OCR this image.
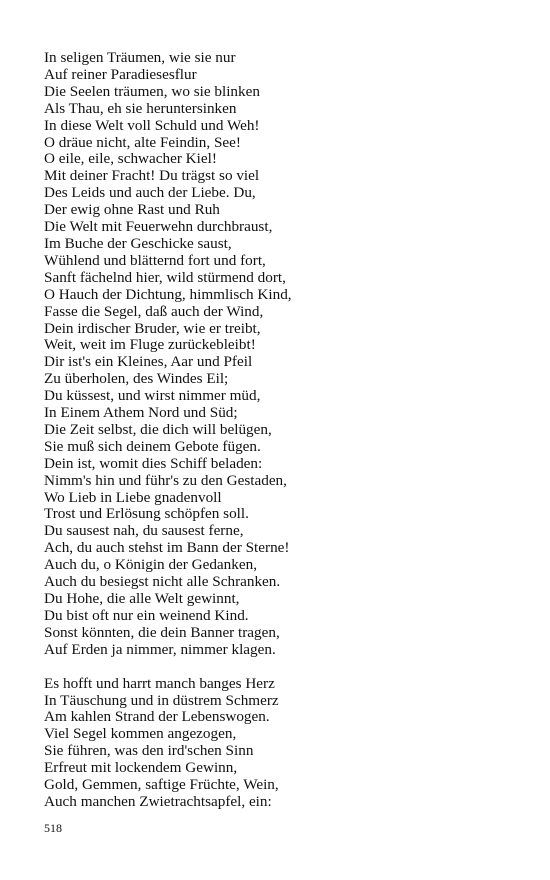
In seligen Träumen, wie sie nur
Auf reiner Paradiesesflur
Die Seelen träumen, wo sie blinken
Als Thau, eh sie heruntersinken
In diese Welt voll Schuld und Weh!
O dräue nicht, alte Feindin, See!
O eile, eile, schwacher Kiel!
Mit deiner Fracht! Du trägst so viel
Des Leids und auch der Liebe. Du,
Der ewig ohne Rast und Ruh
Die Welt mit Feuerwehn durchbraust,
Im Buche der Geschicke saust,
Wühlend und blätternd fort und fort,
Sanft fächelnd hier, wild stürmend dort,
O Hauch der Dichtung, himmlisch Kind,
Fasse die Segel, daß auch der Wind,
Dein irdischer Bruder, wie er treibt,
Weit, weit im Fluge zurückebleibt!
Dir ist's ein Kleines, Aar und Pfeil
Zu überholen, des Windes Eil;
Du küssest, und wirst nimmer müd,
In Einem Athem Nord und Süd;
Die Zeit selbst, die dich will belügen,
Sie muß sich deinem Gebote fügen.
Dein ist, womit dies Schiff beladen:
Nimm's hin und führ's zu den Gestaden,
Wo Lieb in Liebe gnadenvoll
Trost und Erlösung schöpfen soll.
Du sausest nah, du sausest ferne,
Ach, du auch stehst im Bann der Sterne!
Auch du, o Königin der Gedanken,
Auch du besiegst nicht alle Schranken.
Du Hohe, die alle Welt gewinnt,
Du bist oft nur ein weinend Kind.
Sonst könnten, die dein Banner tragen,
Auf Erden ja nimmer, nimmer klagen.
Es hofft und harrt manch banges Herz
In Täuschung und in düstrem Schmerz
Am kahlen Strand der Lebenswogen.
Viel Segel kommen angezogen,
Sie führen, was den ird'schen Sinn
Erfreut mit lockendem Gewinn,
Gold, Gemmen, saftige Früchte, Wein,
Auch manchen Zwietrachtsapfel, ein:
518
